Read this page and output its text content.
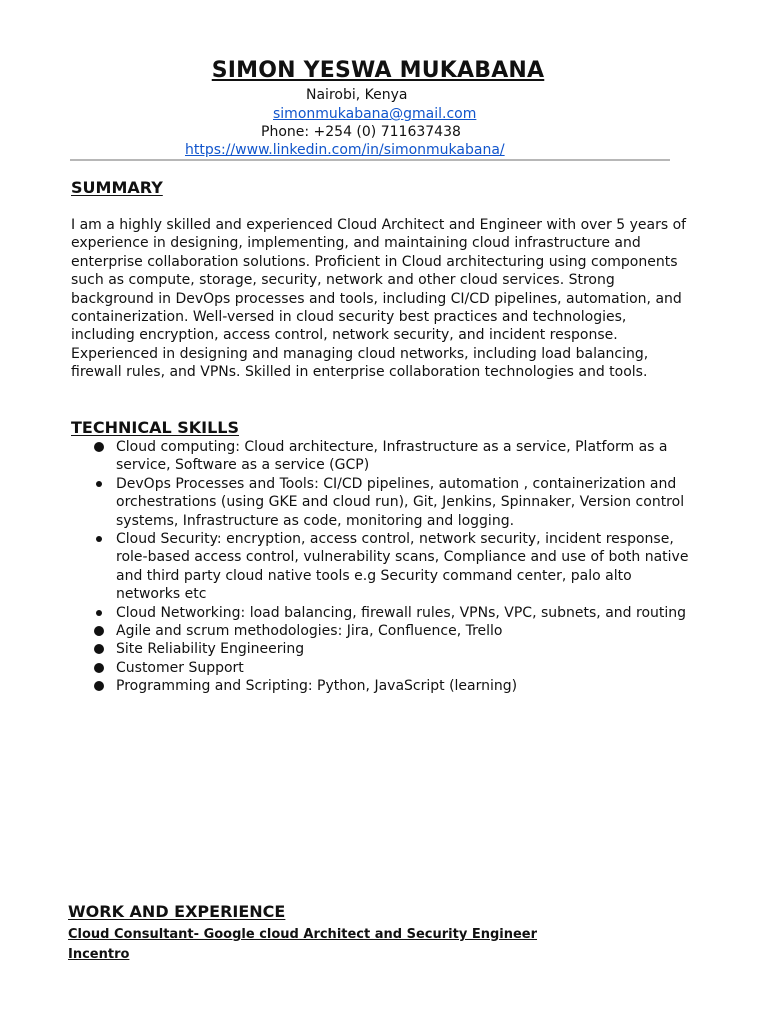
SIMON YESWA MUKABANA
Nairobi, Kenya
simonmukabana@gmail.com
Phone: +254 (0) 711637438
https://www.linkedin.com/in/simonmukabana/
SUMMARY

I am a highly skilled and experienced Cloud Architect and Engineer with over 5 years of experience in designing, implementing, and maintaining cloud infrastructure and enterprise collaboration solutions. Proficient in Cloud architecturing using components such as compute, storage, security, network and other cloud services. Strong background in DevOps processes and tools, including CI/CD pipelines, automation, and containerization. Well-versed in cloud security best practices and technologies, including encryption, access control, network security, and incident response. Experienced in designing and managing cloud networks, including load balancing, firewall rules, and VPNs. Skilled in enterprise collaboration technologies and tools.

TECHNICAL SKILLS
Cloud computing: Cloud architecture, Infrastructure as a service, Platform as a service, Software as a service (GCP)
DevOps Processes and Tools: CI/CD pipelines, automation , containerization and orchestrations (using GKE and cloud run), Git, Jenkins, Spinnaker, Version control systems, Infrastructure as code, monitoring and logging.
Cloud Security: encryption, access control, network security, incident response, role-based access control, vulnerability scans, Compliance and use of both native and third party cloud native tools e.g Security command center, palo alto networks etc
Cloud Networking: load balancing, firewall rules, VPNs, VPC, subnets, and routing
Agile and scrum methodologies: Jira, Confluence, Trello
Site Reliability Engineering
Customer Support
Programming and Scripting: Python, JavaScript (learning)
WORK AND EXPERIENCE
Cloud Consultant- Google cloud Architect and Security Engineer
Incentro
